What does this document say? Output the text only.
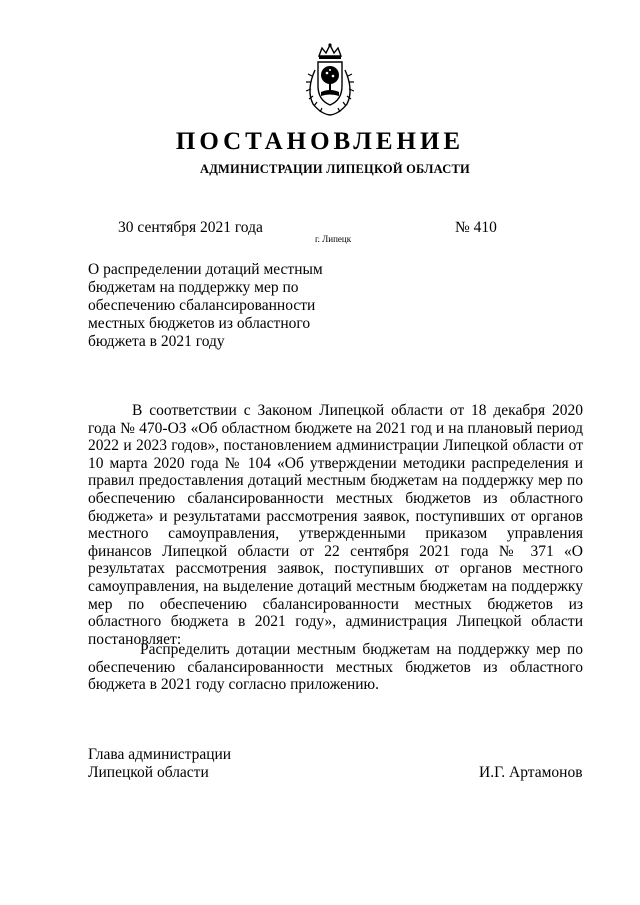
ПОСТАНОВЛЕНИЕ
АДМИНИСТРАЦИИ ЛИПЕЦКОЙ ОБЛАСТИ
30 сентября 2021 года
г. Липецк
№ 410
О распределении дотаций местным бюджетам на поддержку мер по обеспечению сбалансированности местных бюджетов из областного бюджета в 2021 году

В соответствии с Законом Липецкой области от 18 декабря 2020 года № 470-ОЗ «Об областном бюджете на 2021 год и на плановый период 2022 и 2023 годов», постановлением администрации Липецкой области от 10 марта 2020 года № 104 «Об утверждении методики распределения и правил предоставления дотаций местным бюджетам на поддержку мер по обеспечению сбалансированности местных бюджетов из областного бюджета» и результатами рассмотрения заявок, поступивших от органов местного самоуправления, утвержденными приказом управления финансов Липецкой области от 22 сентября 2021 года № 371 «О результатах рассмотрения заявок, поступивших от органов местного самоуправления, на выделение дотаций местным бюджетам на поддержку мер по обеспечению сбалансированности местных бюджетов из областного бюджета в 2021 году», администрация Липецкой области постановляет:

Распределить дотации местным бюджетам на поддержку мер по обеспечению сбалансированности местных бюджетов из областного бюджета в 2021 году согласно приложению.

Глава администрации
Липецкой области	И.Г. Артамонов
